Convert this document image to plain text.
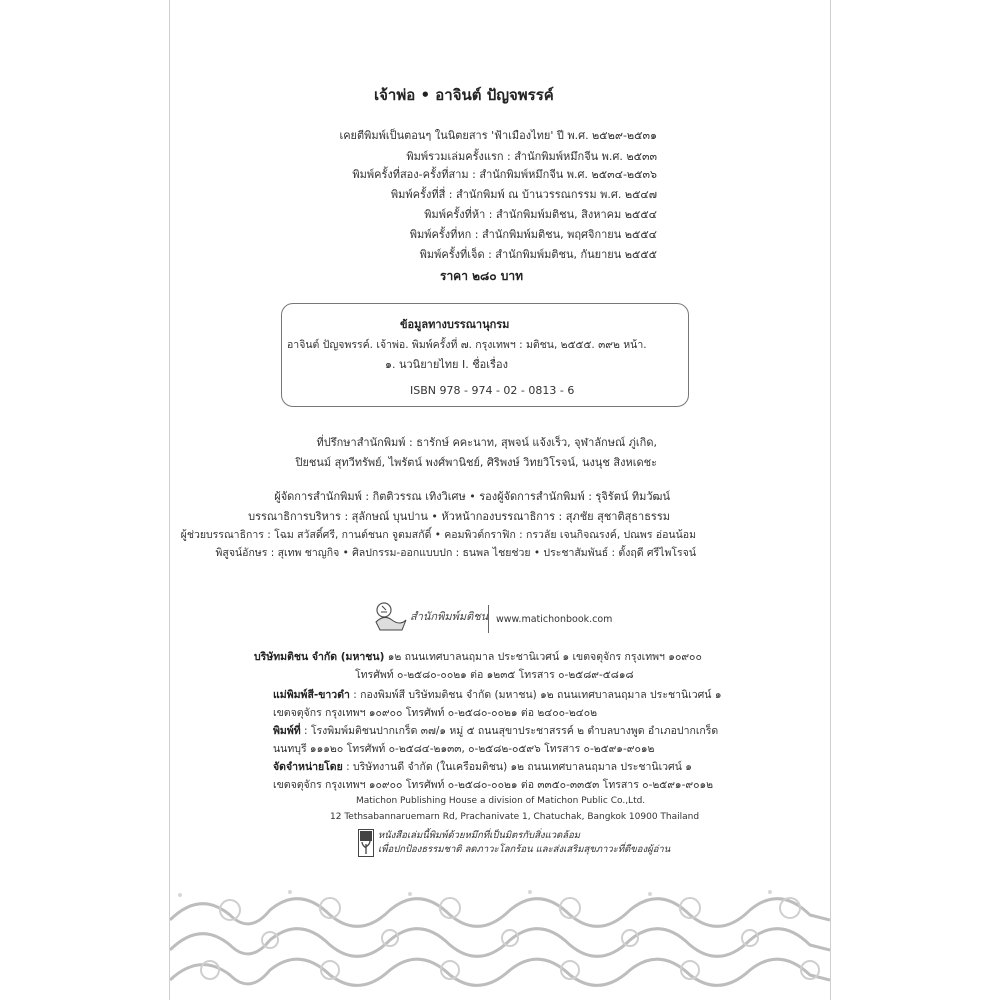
เจ้าพ่อ • อาจินต์ ปัญจพรรค์
เคยตีพิมพ์เป็นตอนๆ ในนิตยสาร 'ฟ้าเมืองไทย' ปี พ.ศ. ๒๕๒๙-๒๕๓๑
พิมพ์รวมเล่มครั้งแรก : สำนักพิมพ์หมึกจีน พ.ศ. ๒๕๓๓
พิมพ์ครั้งที่สอง-ครั้งที่สาม : สำนักพิมพ์หมึกจีน พ.ศ. ๒๕๓๔-๒๕๓๖
พิมพ์ครั้งที่สี่ : สำนักพิมพ์ ณ บ้านวรรณกรรม พ.ศ. ๒๕๔๗
พิมพ์ครั้งที่ห้า : สำนักพิมพ์มติชน, สิงหาคม ๒๕๕๔
พิมพ์ครั้งที่หก : สำนักพิมพ์มติชน, พฤศจิกายน ๒๕๕๔
พิมพ์ครั้งที่เจ็ด : สำนักพิมพ์มติชน, กันยายน ๒๕๕๕
ราคา ๒๘๐ บาท
ข้อมูลทางบรรณานุกรม
อาจินต์ ปัญจพรรค์. เจ้าพ่อ. พิมพ์ครั้งที่ ๗. กรุงเทพฯ : มติชน, ๒๕๕๕. ๓๙๒ หน้า.
๑. นวนิยายไทย I. ชื่อเรื่อง
ISBN 978 - 974 - 02 - 0813 - 6
ที่ปรึกษาสำนักพิมพ์ : ธารักษ์ คคะนาท, สุพจน์ แจ้งเร็ว, จุฬาลักษณ์ ภู่เกิด,
ปิยชนม์ สุทวีทรัพย์, ไพรัตน์ พงศ์พานิชย์, ศิริพงษ์ วิทยวิโรจน์, นงนุช สิงหเดชะ
ผู้จัดการสำนักพิมพ์ : กิตติวรรณ เทิงวิเศษ • รองผู้จัดการสำนักพิมพ์ : รุจิรัตน์ ทิมวัฒน์
บรรณาธิการบริหาร : สุลักษณ์ บุนปาน • หัวหน้ากองบรรณาธิการ : สุภชัย สุชาติสุธาธรรม
ผู้ช่วยบรรณาธิการ : โฉม สวัสดิ์ศรี, กานต์ชนก จูตมสกัดิ์ • คอมพิวต์กราฟิก : กรวลัย เจนกิจณรงค์, ปณพร อ่อนน้อม
พิสูจน์อักษร : สุเทพ ชาญกิจ • ศิลปกรรม-ออกแบบปก : ธนพล ไชยช่วย • ประชาสัมพันธ์ : ตั้งฤดี ศรีไพโรจน์
สำนักพิมพ์มติชน www.matichonbook.com
บริษัทมติชน จำกัด (มหาชน) ๑๒ ถนนเทศบาลนฤมาล ประชานิเวศน์ ๑ เขตจตุจักร กรุงเทพฯ ๑๐๙๐๐
โทรศัพท์ ๐-๒๕๘๐-๐๐๒๑ ต่อ ๑๒๓๕ โทรสาร ๐-๒๕๘๙-๕๘๑๘
แม่พิมพ์สี-ขาวดำ : กองพิมพ์สี บริษัทมติชน จำกัด (มหาชน) ๑๒ ถนนเทศบาลนฤมาล ประชานิเวศน์ ๑
เขตจตุจักร กรุงเทพฯ ๑๐๙๐๐ โทรศัพท์ ๐-๒๕๘๐-๐๐๒๑ ต่อ ๒๔๐๐-๒๔๐๒
พิมพ์ที่ : โรงพิมพ์มติชนปากเกร็ด ๓๗/๑ หมู่ ๕ ถนนสุขาประชาสรรค์ ๒ ตำบลบางพูด อำเภอปากเกร็ด
นนทบุรี ๑๑๑๒๐ โทรศัพท์ ๐-๒๕๘๔-๒๑๓๓, ๐-๒๕๘๒-๐๕๙๖ โทรสาร ๐-๒๕๙๑-๙๐๑๒
จัดจำหน่ายโดย : บริษัทงานดี จำกัด (ในเครือมติชน) ๑๒ ถนนเทศบาลนฤมาล ประชานิเวศน์ ๑
เขตจตุจักร กรุงเทพฯ ๑๐๙๐๐ โทรศัพท์ ๐-๒๕๘๐-๐๐๒๑ ต่อ ๓๓๕๐-๓๓๕๓ โทรสาร ๐-๒๕๙๑-๙๐๑๒
Matichon Publishing House a division of Matichon Public Co.,Ltd.
12 Tethsabannaruemarn Rd, Prachanivate 1, Chatuchak, Bangkok 10900 Thailand
หนังสือเล่มนี้พิมพ์ด้วยหมึกที่เป็นมิตรกับสิ่งแวดล้อม
เพื่อปกป้องธรรมชาติ ลดภาวะโลกร้อน และส่งเสริมสุขภาวะที่ดีของผู้อ่าน
